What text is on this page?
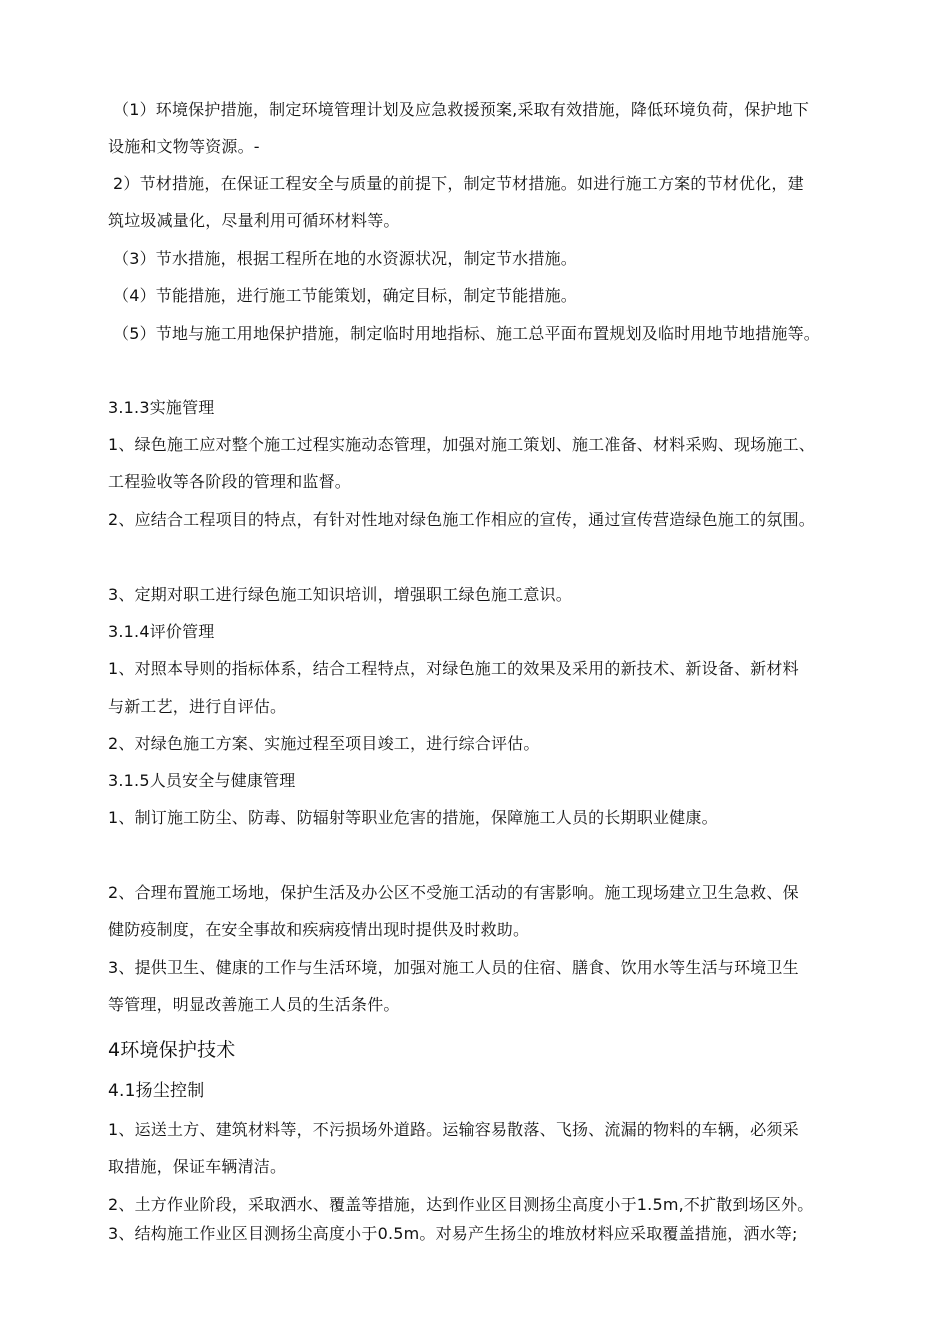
（1）环境保护措施，制定环境管理计划及应急救援预案,采取有效措施，降低环境负荷，保护地下
设施和文物等资源。-
2）节材措施，在保证工程安全与质量的前提下，制定节材措施。如进行施工方案的节材优化，建
筑垃圾减量化，尽量利用可循环材料等。
（3）节水措施，根据工程所在地的水资源状况，制定节水措施。
（4）节能措施，进行施工节能策划，确定目标，制定节能措施。
（5）节地与施工用地保护措施，制定临时用地指标、施工总平面布置规划及临时用地节地措施等。
3.1.3实施管理
1、绿色施工应对整个施工过程实施动态管理，加强对施工策划、施工准备、材料采购、现场施工、
工程验收等各阶段的管理和监督。
2、应结合工程项目的特点，有针对性地对绿色施工作相应的宣传，通过宣传营造绿色施工的氛围。
3、定期对职工进行绿色施工知识培训，增强职工绿色施工意识。
3.1.4评价管理
1、对照本导则的指标体系，结合工程特点，对绿色施工的效果及采用的新技术、新设备、新材料
与新工艺，进行自评估。
2、对绿色施工方案、实施过程至项目竣工，进行综合评估。
3.1.5人员安全与健康管理
1、制订施工防尘、防毒、防辐射等职业危害的措施，保障施工人员的长期职业健康。
2、合理布置施工场地，保护生活及办公区不受施工活动的有害影响。施工现场建立卫生急救、保
健防疫制度，在安全事故和疾病疫情出现时提供及时救助。
3、提供卫生、健康的工作与生活环境，加强对施工人员的住宿、膳食、饮用水等生活与环境卫生
等管理，明显改善施工人员的生活条件。
4环境保护技术
4.1扬尘控制
1、运送土方、建筑材料等，不污损场外道路。运输容易散落、飞扬、流漏的物料的车辆，必须采
取措施，保证车辆清洁。
2、土方作业阶段，采取洒水、覆盖等措施，达到作业区目测扬尘高度小于1.5m,不扩散到场区外。
3、结构施工作业区目测扬尘高度小于0.5m。对易产生扬尘的堆放材料应采取覆盖措施，洒水等;
